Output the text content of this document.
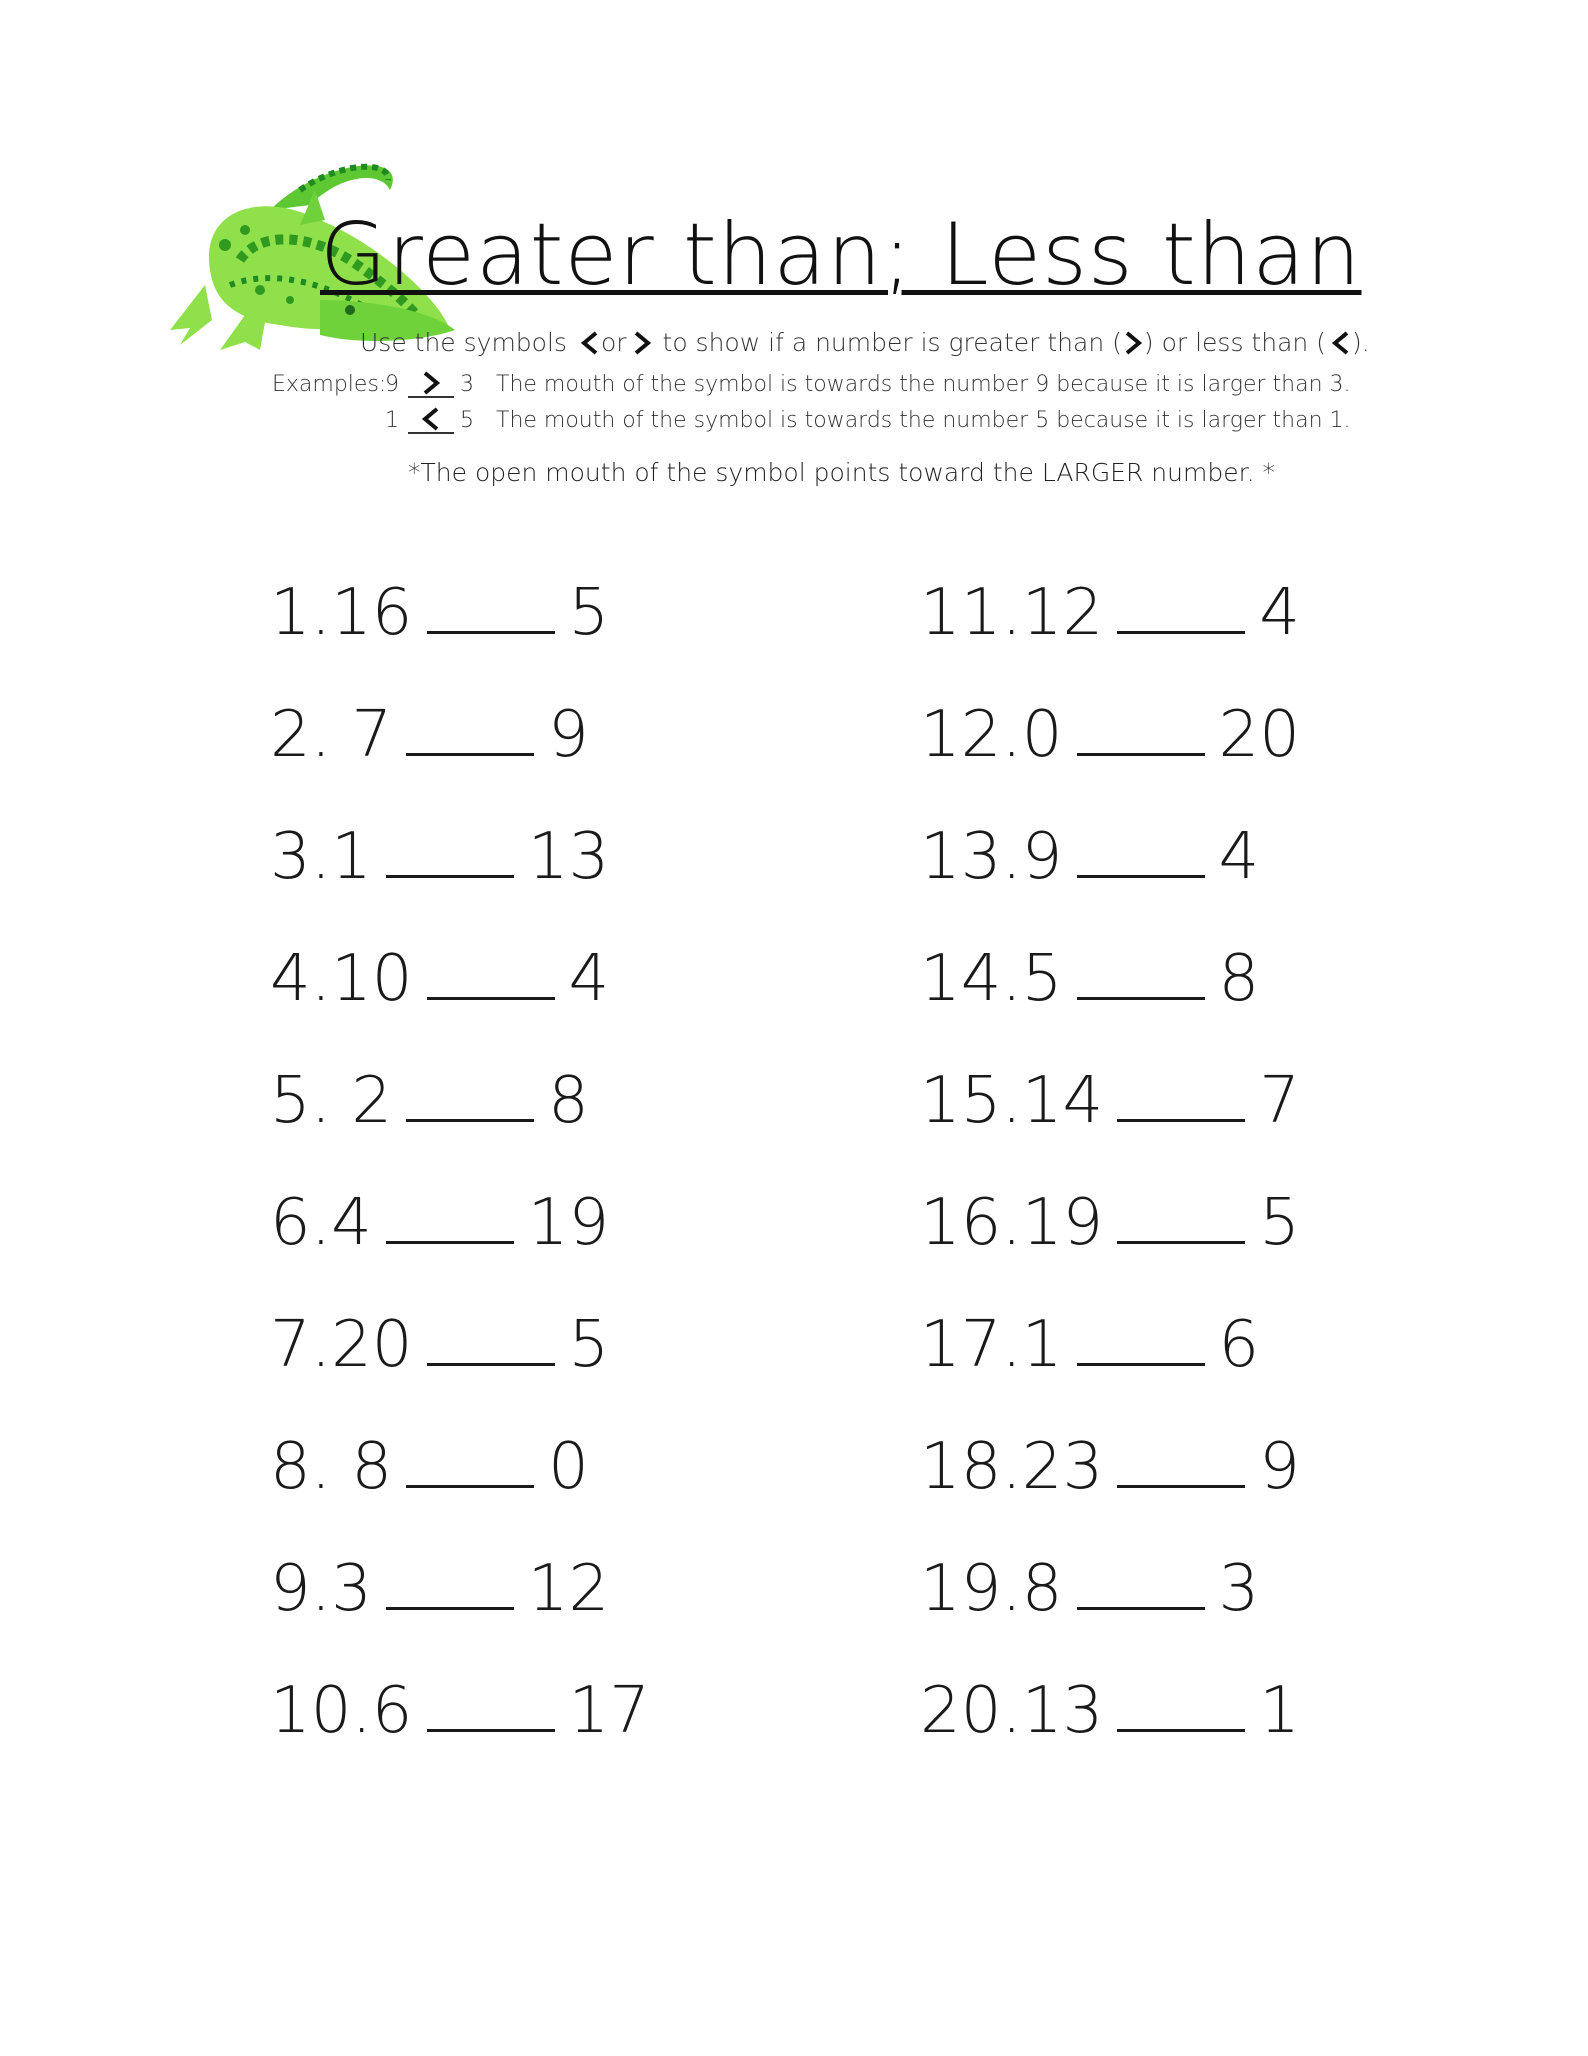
Greater than; Less than
Use the symbols or to show if a number is greater than ( ) or less than ( ).
Examples:
9	3 The mouth of the symbol is towards the number 9 because it is larger than 3.
1	5 The mouth of the symbol is towards the number 5 because it is larger than 1.
*The open mouth of the symbol points toward the LARGER number. *
1.16 5
2. 7 9
3.1 13
4.10 4
5. 2 8
6.4 19
7.20 5
8. 8 0
9.3 12
10.6 17
11.12 4
12.0 20
13.9 4
14.5 8
15.14 7
16.19 5
17.1 6
18.23 9
19.8 3
20.13 1
